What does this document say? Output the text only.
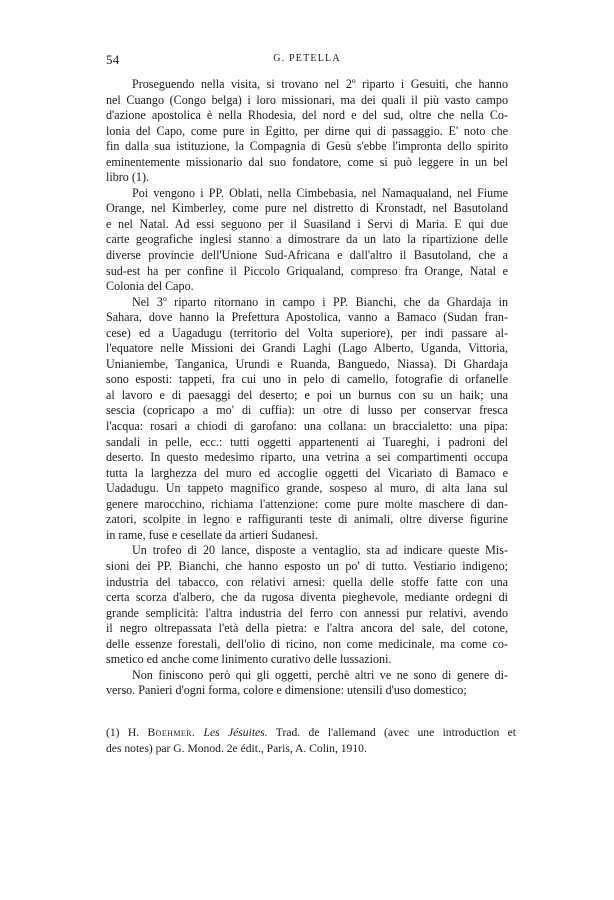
54	G. PETELLA

Proseguendo nella visita, si trovano nel 2º riparto i Gesuiti, che hanno
nel Cuango (Congo belga) i loro missionari, ma dei quali il più vasto campo
d'azione apostolica è nella Rhodesia, del nord e del sud, oltre che nella Co-
lonia del Capo, come pure in Egitto, per dirne qui di passaggio. E' noto che
fin dalla sua istituzione, la Compagnia di Gesù s'ebbe l'impronta dello spirito
eminentemente missionario dal suo fondatore, come si può leggere in un bel
libro (1).

Poi vengono i PP. Oblati, nella Cimbebasia, nel Namaqualand, nel Fiume
Orange, nel Kimberley, come pure nel distretto di Kronstadt, nel Basutoland
e nel Natal. Ad essi seguono per il Suasiland i Servi di Maria. E qui due
carte geografiche inglesi stanno a dimostrare da un lato la ripartizione delle
diverse provincie dell'Unione Sud-Africana e dall'altro il Basutoland, che a
sud-est ha per confine il Piccolo Griqualand, compreso fra Orange, Natal e
Colonia del Capo.

Nel 3º riparto ritornano in campo i PP. Bianchi, che da Ghardaja in
Sahara, dove hanno la Prefettura Apostolica, vanno a Bamaco (Sudan fran-
cese) ed a Uagadugu (territorio del Volta superiore), per indi passare al-
l'equatore nelle Missioni dei Grandi Laghi (Lago Alberto, Uganda, Vittoria,
Unianiembe, Tanganica, Urundi e Ruanda, Banguedo, Niassa). Di Ghardaja
sono esposti: tappeti, fra cui uno in pelo di camello, fotografie di orfanelle
al lavoro e di paesaggi del deserto; e poi un burnus con su un haik; una
sescia (copricapo a mo' di cuffia): un otre di lusso per conservar fresca
l'acqua: rosari a chiodi di garofano: una collana: un braccialetto: una pipa:
sandali in pelle, ecc.: tutti oggetti appartenenti ai Tuareghi, i padroni del
deserto. In questo medesimo riparto, una vetrina a sei compartimenti occupa
tutta la larghezza del muro ed accoglie oggetti del Vicariato di Bamaco e
Uadadugu. Un tappeto magnifico grande, sospeso al muro, di alta lana sul
genere marocchino, richiama l'attenzione: come pure molte maschere di dan-
zatori, scolpite in legno e raffiguranti teste di animali, oltre diverse figurine
in rame, fuse e cesellate da artieri Sudanesi.

Un trofeo di 20 lance, disposte a ventaglio, sta ad indicare queste Mis-
sioni dei PP. Bianchi, che hanno esposto un po' di tutto. Vestiario indigeno;
industria del tabacco, con relativi arnesi: quella delle stoffe fatte con una
certa scorza d'albero, che da rugosa diventa pieghevole, mediante ordegni di
grande semplicità: l'altra industria del ferro con annessi pur relativi, avendo
il negro oltrepassata l'età della pietra: e l'altra ancora del sale, del cotone,
delle essenze forestali, dell'olio di ricino, non come medicinale, ma come co-
smetico ed anche come linimento curativo delle lussazioni.

Non finiscono però qui gli oggetti, perchè altri ve ne sono di genere di-
verso. Panieri d'ogni forma, colore e dimensione: utensili d'uso domestico;

(1) H. Boehmer. Les Jésuites. Trad. de l'allemand (avec une introduction et
des notes) par G. Monod. 2e édit., Paris, A. Colin, 1910.
